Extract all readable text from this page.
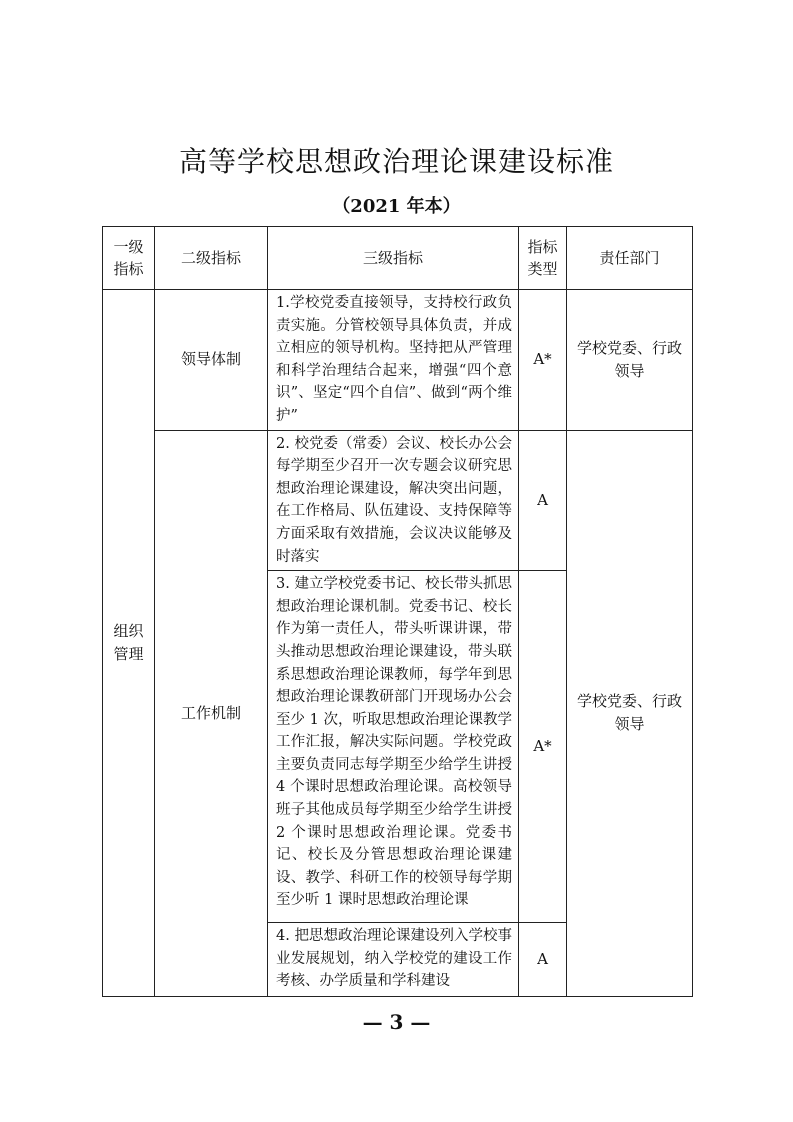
高等学校思想政治理论课建设标准
（2021 年本）
一级指标	二级指标	三级指标	指标类型	责任部门
组织管理	领导体制	1.学校党委直接领导，支持校行政负责实施。分管校领导具体负责，并成立相应的领导机构。坚持把从严管理和科学治理结合起来，增强“四个意识”、坚定“四个自信”、做到“两个维护”	A*	学校党委、行政领导
	工作机制	2. 校党委（常委）会议、校长办公会每学期至少召开一次专题会议研究思想政治理论课建设，解决突出问题，在工作格局、队伍建设、支持保障等方面采取有效措施，会议决议能够及时落实	A	学校党委、行政领导
		3. 建立学校党委书记、校长带头抓思想政治理论课机制。党委书记、校长作为第一责任人，带头听课讲课，带头推动思想政治理论课建设，带头联系思想政治理论课教师，每学年到思想政治理论课教研部门开现场办公会至少 1 次，听取思想政治理论课教学工作汇报，解决实际问题。学校党政主要负责同志每学期至少给学生讲授 4 个课时思想政治理论课。高校领导班子其他成员每学期至少给学生讲授 2 个课时思想政治理论课。党委书记、校长及分管思想政治理论课建设、教学、科研工作的校领导每学期至少听 1 课时思想政治理论课	A*	
		4. 把思想政治理论课建设列入学校事业发展规划，纳入学校党的建设工作考核、办学质量和学科建设	A	
— 3 —
